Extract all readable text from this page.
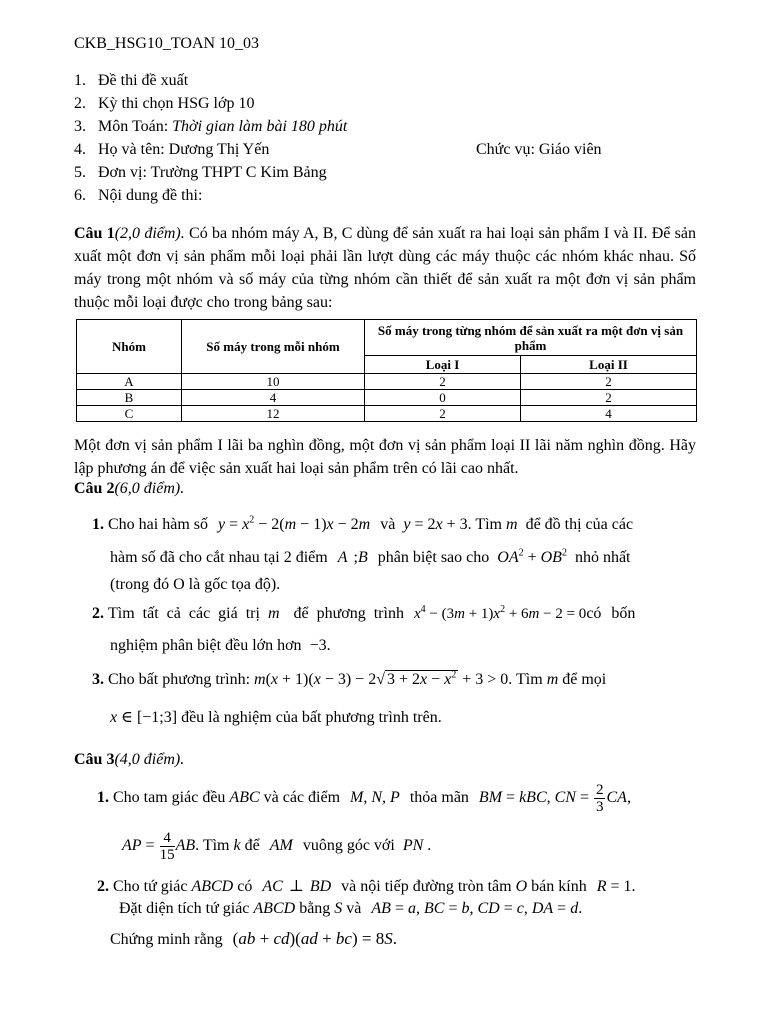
CKB_HSG10_TOAN 10_03
1. Đề thi đề xuất
2. Kỳ thi chọn HSG lớp 10
3. Môn Toán: Thời gian làm bài 180 phút
4. Họ và tên: Dương Thị Yến	Chức vụ: Giáo viên
5. Đơn vị: Trường THPT C Kim Bảng
6. Nội dung đề thi:
Câu 1(2,0 điểm). Có ba nhóm máy A, B, C dùng để sản xuất ra hai loại sản phẩm I và II. Để sản xuất một đơn vị sản phẩm mỗi loại phải lần lượt dùng các máy thuộc các nhóm khác nhau. Số máy trong một nhóm và số máy của từng nhóm cần thiết để sản xuất ra một đơn vị sản phẩm thuộc mỗi loại được cho trong bảng sau:
Nhóm	Số máy trong mỗi nhóm	Số máy trong từng nhóm để sản xuất ra một đơn vị sản phẩm	
		Loại I	Loại II
A	10	2	2
B	4	0	2
C	12	2	4
Một đơn vị sản phẩm I lãi ba nghìn đồng, một đơn vị sản phẩm loại II lãi năm nghìn đồng. Hãy lập phương án để việc sản xuất hai loại sản phẩm trên có lãi cao nhất.
Câu 2(6,0 điểm).
1. Cho hai hàm số $y = x^2 - 2(m - 1)x - 2m$ và y = 2x + 3. Tìm m để đồ thị của các
hàm số đã cho cắt nhau tại 2 điểm A ;B phân biệt sao cho $OA^2 + OB^2$ nhỏ nhất
(trong đó O là gốc tọa độ).
2. Tìm tất cả các giá trị m để phương trình $x^4 - (3m + 1)x^2 + 6m - 2$ = 0có bốn
nghiệm phân biệt đều lớn hơn −3.
3. Cho bất phương trình: m(x + 1)(x − 3) − 2√ $3 + 2x - x^2 + 3 > 0$. Tìm m để mọi
x ∈ [−1;3] đều là nghiệm của bất phương trình trên.
Câu 3(4,0 điểm).
1. Cho tam giác đều ABC và các điểm M, N, P thỏa mãn BM = kBC, CN = $\frac{2}{3}$ CA,
AP = $\frac{4}{15}$ AB. Tìm k để AM vuông góc với PN .
2. Cho tứ giác ABCD có AC ⊥ BD và nội tiếp đường tròn tâm O bán kính R = 1.
Đặt diện tích tứ giác ABCD bằng S và AB = a, BC = b, CD = c, DA = d.
Chứng minh rằng (ab + cd)(ad + bc) = 8S.
